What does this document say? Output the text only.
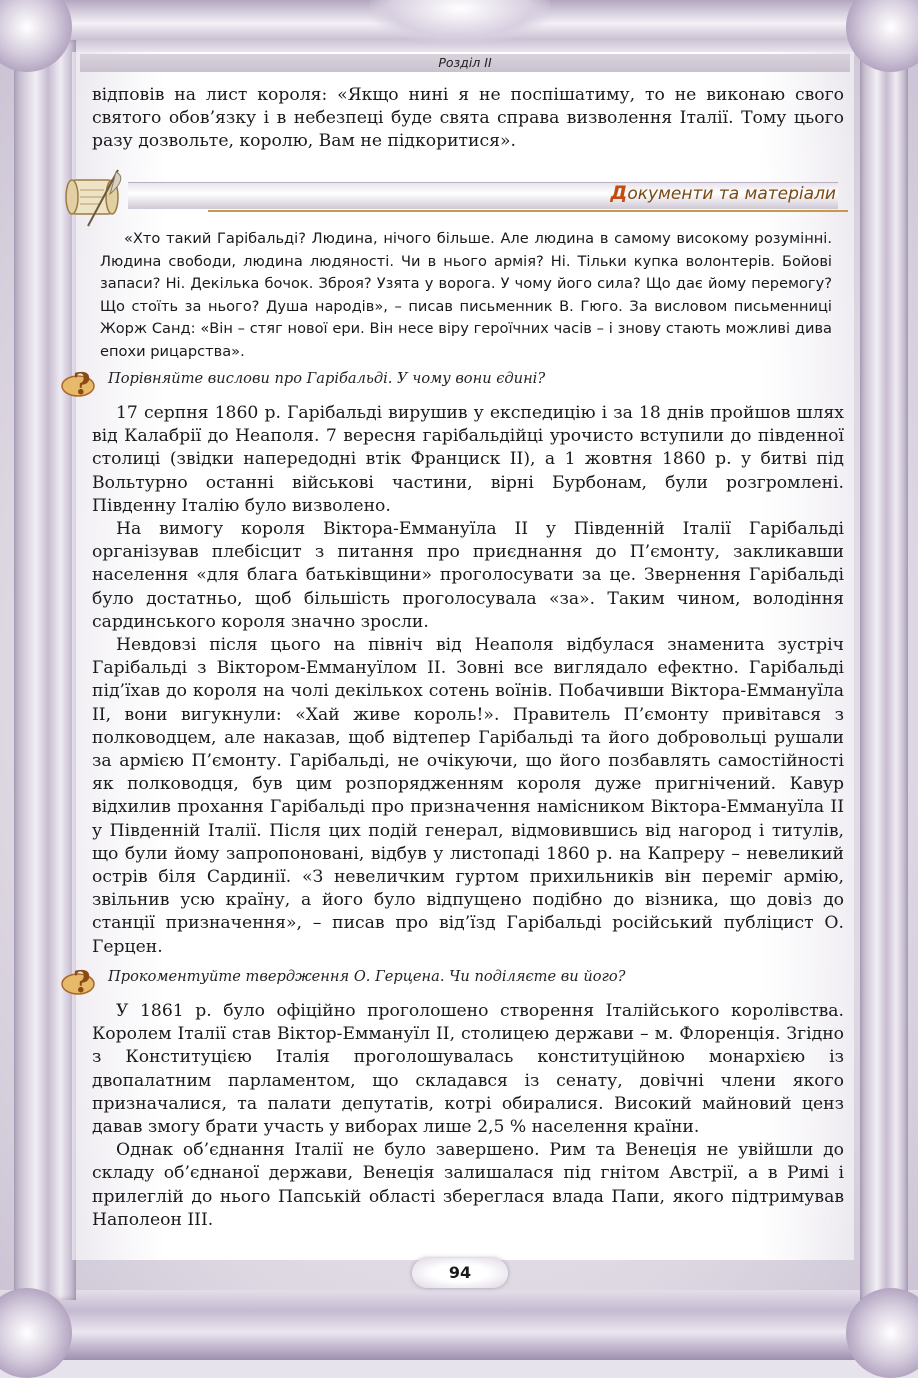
Розділ ІІ

відповів на лист короля: «Якщо нині я не поспішатиму, то не виконаю свого святого обов’язку і в небезпеці буде свята справа визволення Італії. Тому цього разу дозвольте, королю, Вам не підкоритися».

Документи та матеріали

«Хто такий Гарібальді? Людина, нічого більше. Але людина в самому високому розумінні. Людина свободи, людина людяності. Чи в нього армія? Ні. Тільки купка волонтерів. Бойові запаси? Ні. Декілька бочок. Зброя? Узята у ворога. У чому його сила? Що дає йому перемогу? Що стоїть за нього? Душа народів», – писав письменник В. Гюго. За висловом письменниці Жорж Санд: «Він – стяг нової ери. Він несе віру героїчних часів – і знову стають можливі дива епохи рицарства».

? Порівняйте вислови про Гарібальді. У чому вони єдині?

17 серпня 1860 р. Гарібальді вирушив у експедицію і за 18 днів пройшов шлях від Калабрії до Неаполя. 7 вересня гарібальдійці урочисто вступили до південної столиці (звідки напередодні втік Франциск ІІ), а 1 жовтня 1860 р. у битві під Вольтурно останні військові частини, вірні Бурбонам, були розгромлені. Південну Італію було визволено.

На вимогу короля Віктора-Еммануїла ІІ у Південній Італії Гарібальді організував плебісцит з питання про приєднання до П’ємонту, закликавши населення «для блага батьківщини» проголосувати за це. Звернення Гарібальді було достатньо, щоб більшість проголосувала «за». Таким чином, володіння сардинського короля значно зросли.

Невдовзі після цього на північ від Неаполя відбулася знаменита зустріч Гарібальді з Віктором-Еммануїлом ІІ. Зовні все виглядало ефектно. Гарібальді під’їхав до короля на чолі декількох сотень воїнів. Побачивши Віктора-Еммануїла ІІ, вони вигукнули: «Хай живе король!». Правитель П’ємонту привітався з полководцем, але наказав, щоб відтепер Гарібальді та його добровольці рушали за армією П’ємонту. Гарібальді, не очікуючи, що його позбавлять самостійності як полководця, був цим розпорядженням короля дуже пригнічений. Кавур відхилив прохання Гарібальді про призначення намісником Віктора-Еммануїла ІІ у Південній Італії. Після цих подій генерал, відмовившись від нагород і титулів, що були йому запропоновані, відбув у листопаді 1860 р. на Капреру – невеликий острів біля Сардинії. «З невеличким гуртом прихильників він переміг армію, звільнив усю країну, а його було відпущено подібно до візника, що довіз до станції призначення», – писав про від’їзд Гарібальді російський публіцист О. Герцен.

? Прокоментуйте твердження О. Герцена. Чи поділяєте ви його?

У 1861 р. було офіційно проголошено створення Італійського королівства. Королем Італії став Віктор-Еммануїл ІІ, столицею держави – м. Флоренція. Згідно з Конституцією Італія проголошувалась конституційною монархією із двопалатним парламентом, що складався із сенату, довічні члени якого призначалися, та палати депутатів, котрі обиралися. Високий майновий ценз давав змогу брати участь у виборах лише 2,5 % населення країни.

Однак об’єднання Італії не було завершено. Рим та Венеція не увійшли до складу об’єднаної держави, Венеція залишалася під гнітом Австрії, а в Римі і прилеглій до нього Папській області збереглася влада Папи, якого підтримував Наполеон ІІІ.

94
